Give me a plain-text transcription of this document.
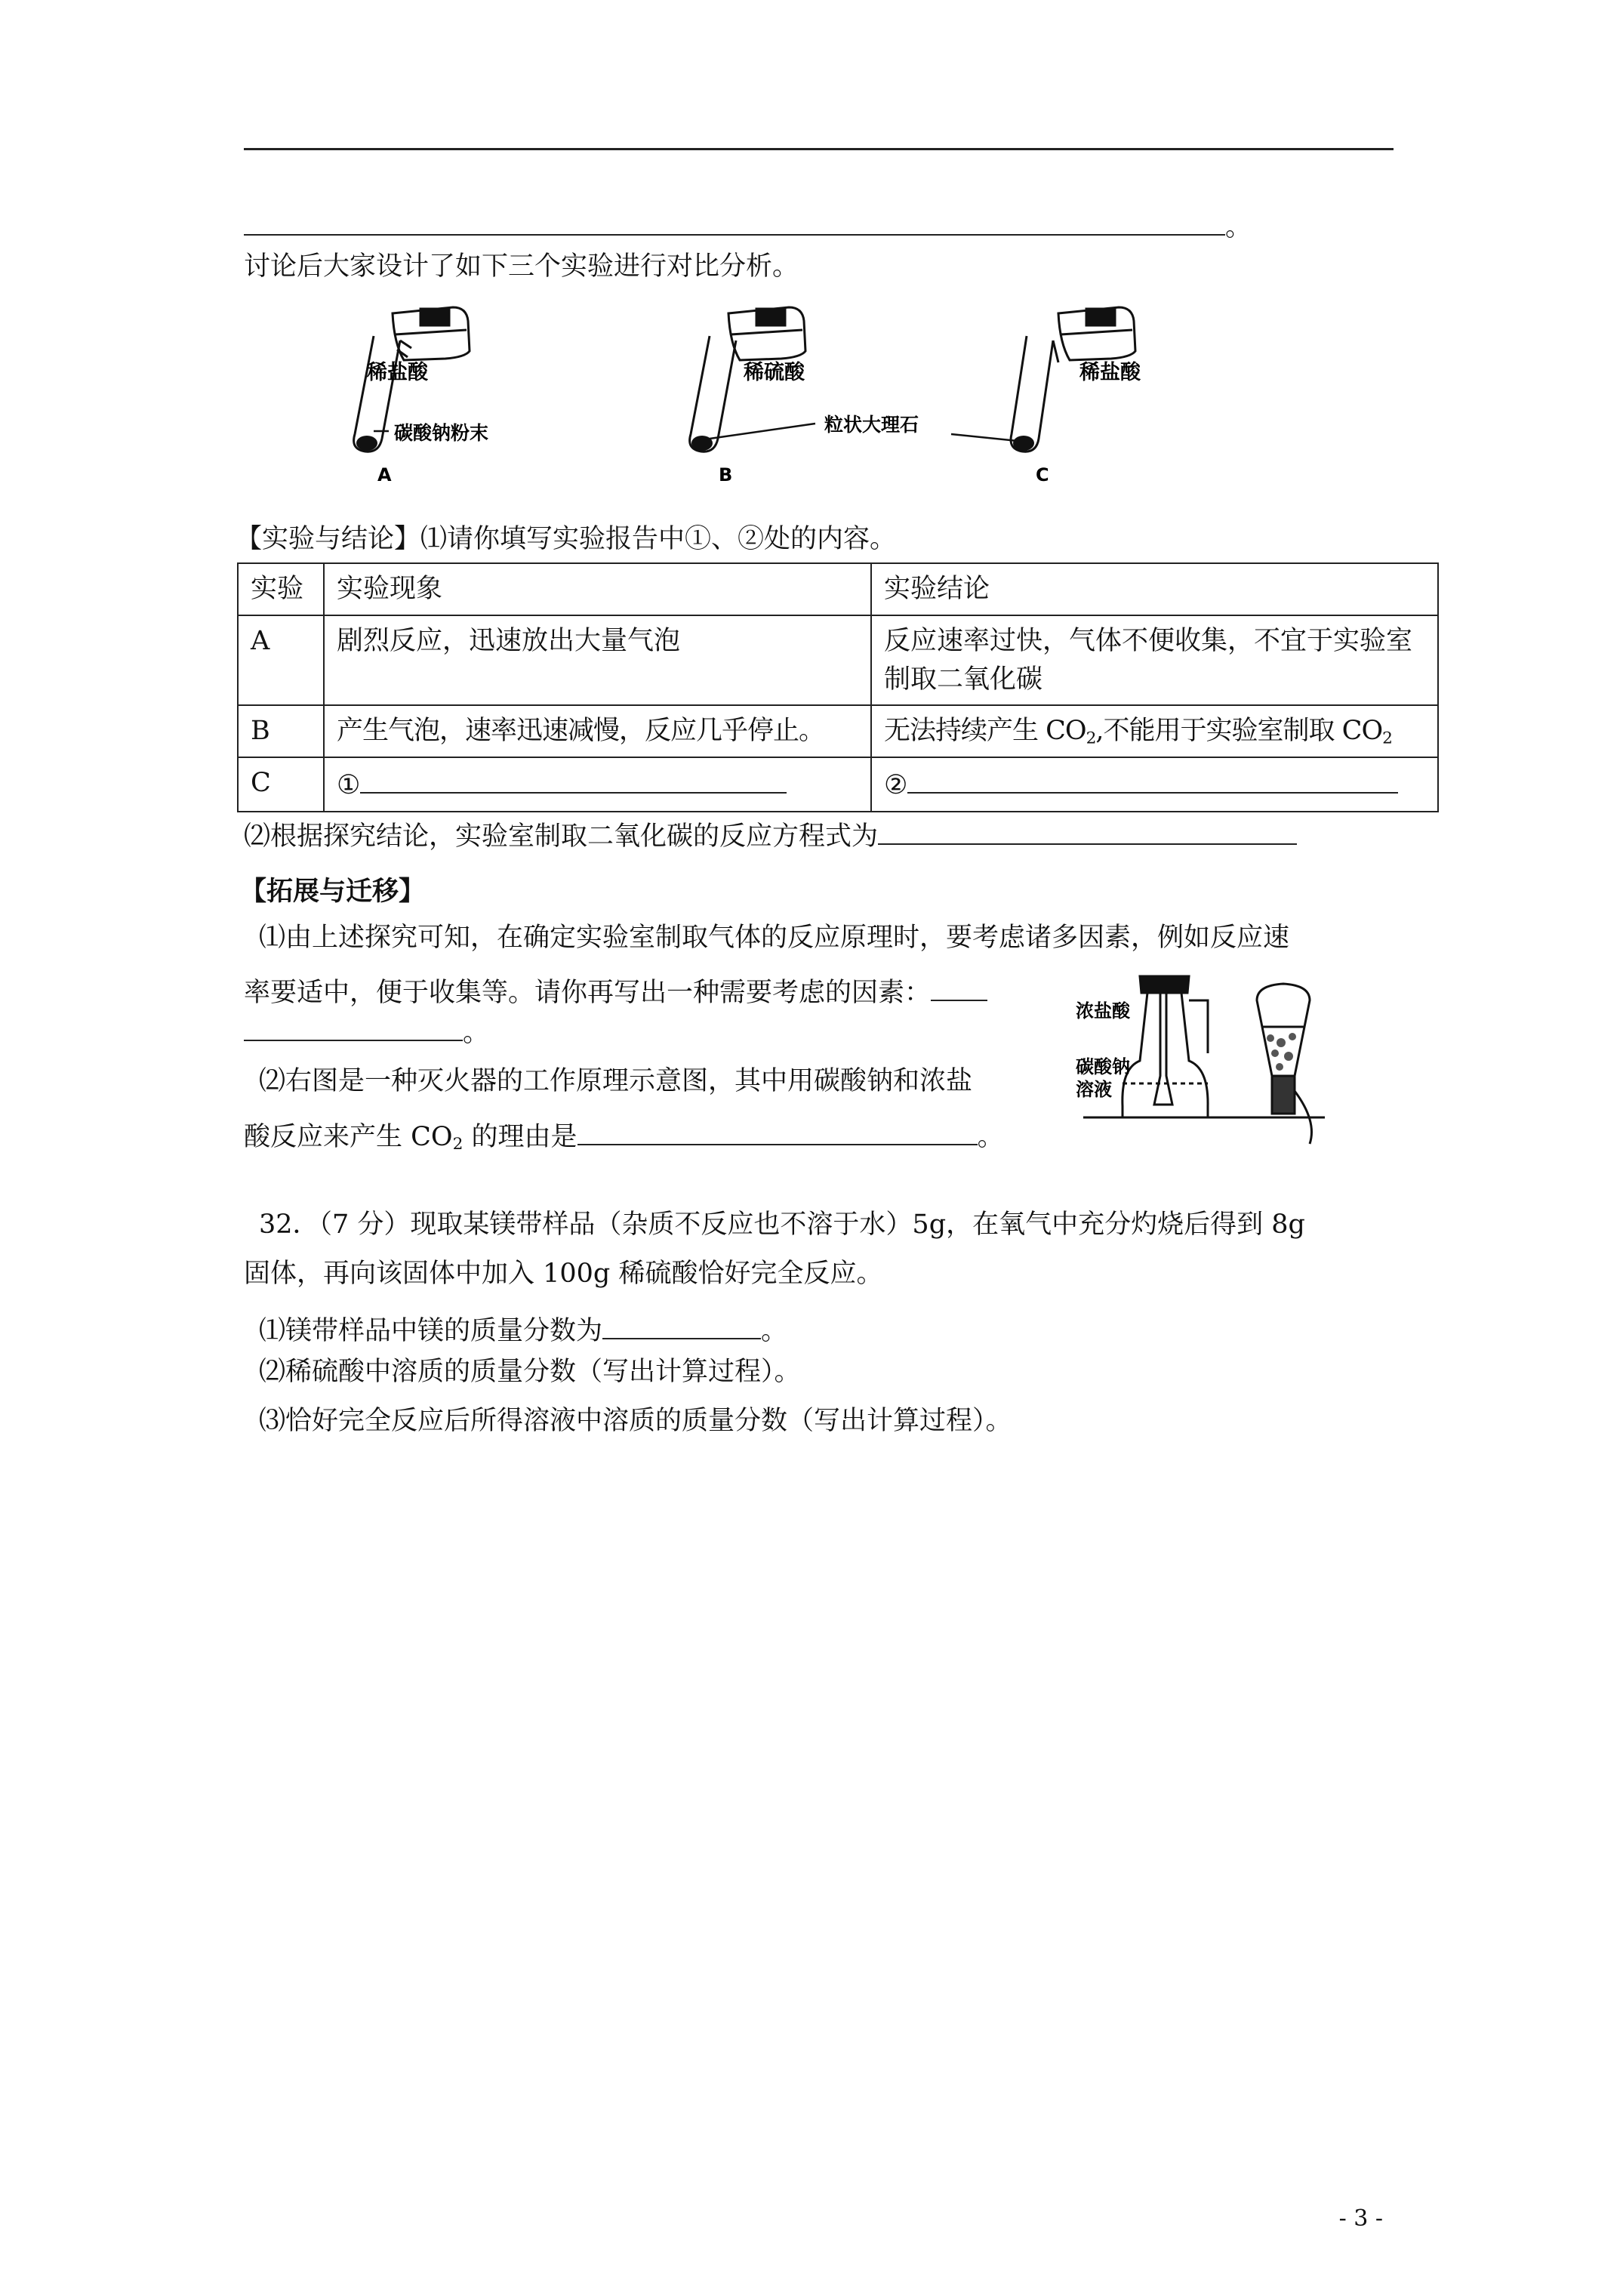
。
讨论后大家设计了如下三个实验进行对比分析。
稀盐酸
碳酸钠粉末
稀硫酸
粒状大理石
稀盐酸
A	B	C
【实验与结论】⑴请你填写实验报告中①、②处的内容。
实验	实验现象	实验结论
A	剧烈反应，迅速放出大量气泡	反应速率过快，气体不便收集，不宜于实验室制取二氧化碳
B	产生气泡，速率迅速减慢，反应几乎停止。	无法持续产生 $CO_2$,不能用于实验室制取 $CO_2$
C	①	②
⑵根据探究结论，实验室制取二氧化碳的反应方程式为
【拓展与迁移】
⑴由上述探究可知，在确定实验室制取气体的反应原理时，要考虑诸多因素，例如反应速
率要适中，便于收集等。请你再写出一种需要考虑的因素：
。
⑵右图是一种灭火器的工作原理示意图，其中用碳酸钠和浓盐
酸反应来产生 $CO_2$ 的理由是	。
浓盐酸
碳酸钠
溶液
32．（7 分）现取某镁带样品（杂质不反应也不溶于水）5g，在氧气中充分灼烧后得到 8g
固体，再向该固体中加入 100g 稀硫酸恰好完全反应。
⑴镁带样品中镁的质量分数为	。
⑵稀硫酸中溶质的质量分数（写出计算过程）。
⑶恰好完全反应后所得溶液中溶质的质量分数（写出计算过程）。
- 3 -
